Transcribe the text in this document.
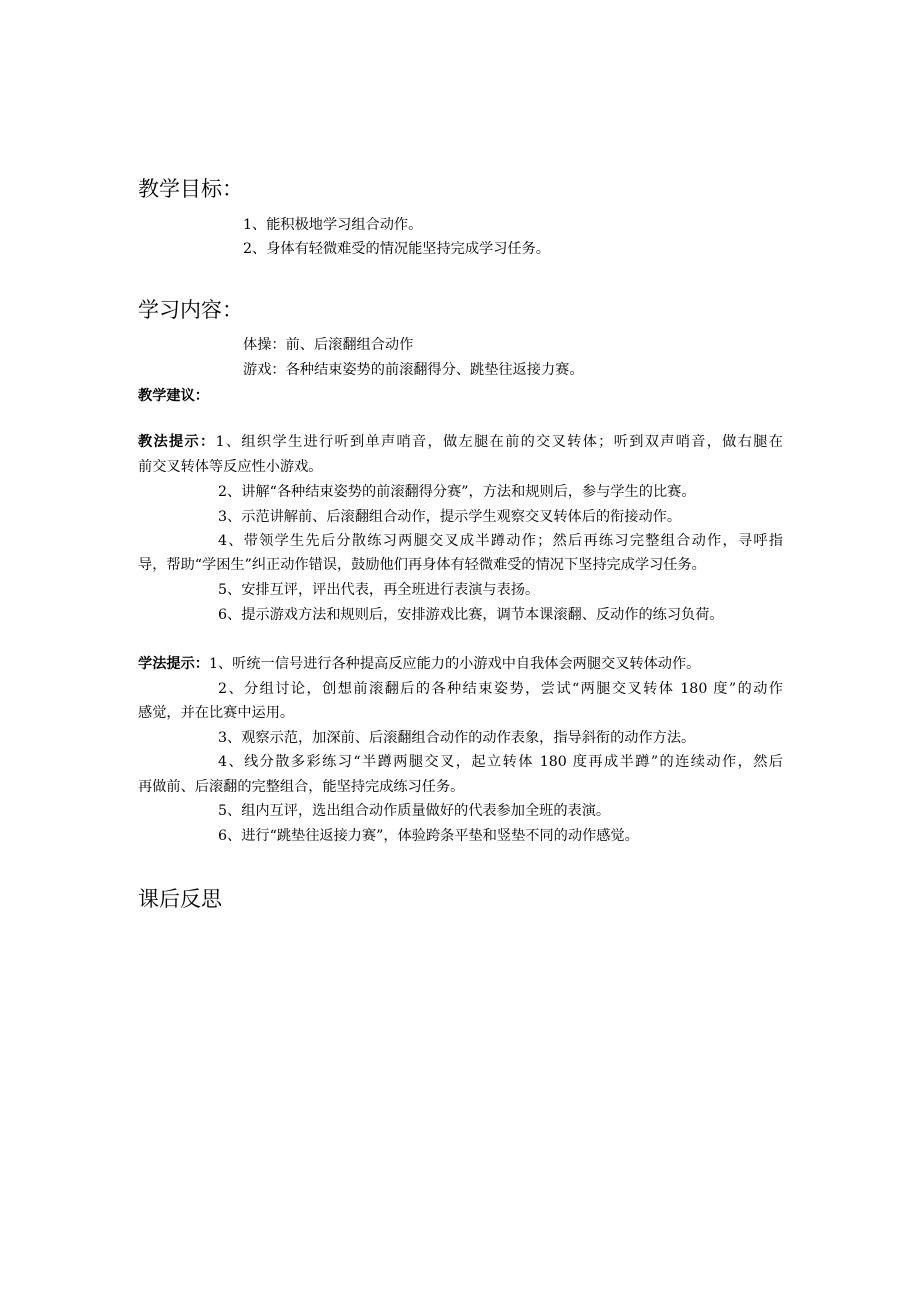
教学目标：
1、能积极地学习组合动作。
2、身体有轻微难受的情况能坚持完成学习任务。
学习内容：
体操：前、后滚翻组合动作
游戏：各种结束姿势的前滚翻得分、跳垫往返接力赛。
教学建议：
教法提示：1、组织学生进行听到单声哨音，做左腿在前的交叉转体；听到双声哨音，做右腿在
前交叉转体等反应性小游戏。
2、讲解“各种结束姿势的前滚翻得分赛”，方法和规则后，参与学生的比赛。
3、示范讲解前、后滚翻组合动作，提示学生观察交叉转体后的衔接动作。
4、带领学生先后分散练习两腿交叉成半蹲动作；然后再练习完整组合动作，寻呼指
导，帮助“学困生”纠正动作错误，鼓励他们再身体有轻微难受的情况下坚持完成学习任务。
5、安排互评，评出代表，再全班进行表演与表扬。
6、提示游戏方法和规则后，安排游戏比赛，调节本课滚翻、反动作的练习负荷。
学法提示：1、听统一信号进行各种提高反应能力的小游戏中自我体会两腿交叉转体动作。
2、分组讨论，创想前滚翻后的各种结束姿势，尝试“两腿交叉转体 180 度”的动作
感觉，并在比赛中运用。
3、观察示范，加深前、后滚翻组合动作的动作表象，指导斜衔的动作方法。
4、线分散多彩练习“半蹲两腿交叉，起立转体 180 度再成半蹲”的连续动作，然后
再做前、后滚翻的完整组合，能坚持完成练习任务。
5、组内互评，选出组合动作质量做好的代表参加全班的表演。
6、进行“跳垫往返接力赛”，体验跨条平垫和竖垫不同的动作感觉。
课后反思
